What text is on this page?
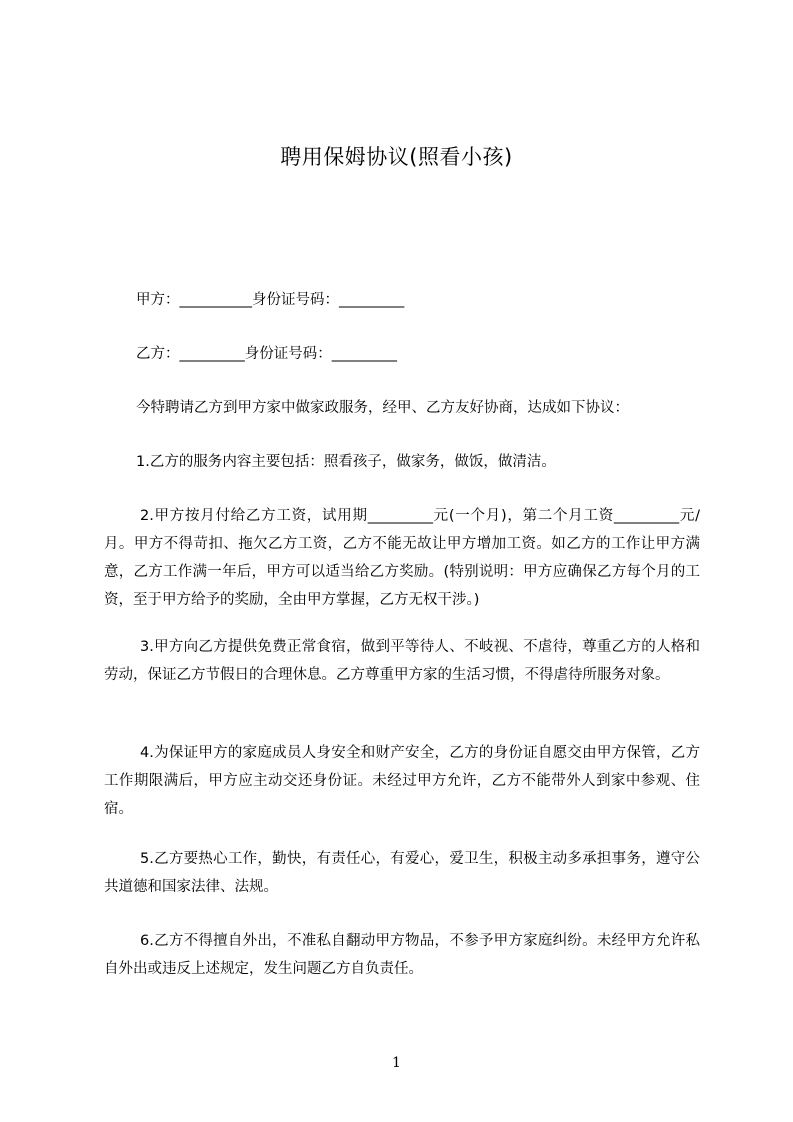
聘用保姆协议(照看小孩)
甲方：__________身份证号码：_________
乙方：_________身份证号码：_________
今特聘请乙方到甲方家中做家政服务，经甲、乙方友好协商，达成如下协议：
1.乙方的服务内容主要包括：照看孩子，做家务，做饭，做清洁。
2.甲方按月付给乙方工资，试用期_________元(一个月)，第二个月工资_________元/月。甲方不得苛扣、拖欠乙方工资，乙方不能无故让甲方增加工资。如乙方的工作让甲方满意，乙方工作满一年后，甲方可以适当给乙方奖励。(特别说明：甲方应确保乙方每个月的工资，至于甲方给予的奖励，全由甲方掌握，乙方无权干涉。)
3.甲方向乙方提供免费正常食宿，做到平等待人、不岐视、不虐待，尊重乙方的人格和劳动，保证乙方节假日的合理休息。乙方尊重甲方家的生活习惯，不得虐待所服务对象。
4.为保证甲方的家庭成员人身安全和财产安全，乙方的身份证自愿交由甲方保管，乙方工作期限满后，甲方应主动交还身份证。未经过甲方允许，乙方不能带外人到家中参观、住宿。
5.乙方要热心工作，勤快，有责任心，有爱心，爱卫生，积极主动多承担事务，遵守公共道德和国家法律、法规。
6.乙方不得擅自外出，不准私自翻动甲方物品，不参予甲方家庭纠纷。未经甲方允许私自外出或违反上述规定，发生问题乙方自负责任。
1
